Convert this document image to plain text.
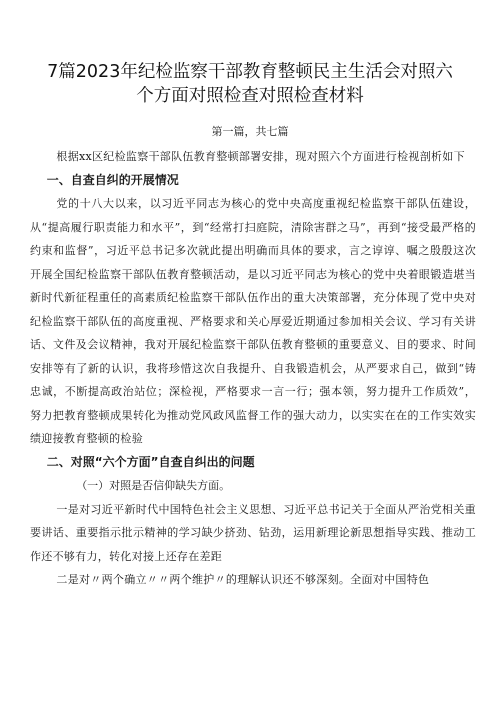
7篇2023年纪检监察干部教育整顿民主生活会对照六个方面对照检查对照检查材料

第一篇，共七篇

根据xx区纪检监察干部队伍教育整顿部署安排，现对照六个方面进行检视剖析如下

一、自查自纠的开展情况

党的十八大以来，以习近平同志为核心的党中央高度重视纪检监察干部队伍建设，从“提高履行职责能力和水平”，到“经常打扫庭院，清除害群之马”，再到“接受最严格的约束和监督”，习近平总书记多次就此提出明确而具体的要求，言之谆谆、嘱之殷殷这次开展全国纪检监察干部队伍教育整顿活动，是以习近平同志为核心的党中央着眼锻造堪当新时代新征程重任的高素质纪检监察干部队伍作出的重大决策部署，充分体现了党中央对纪检监察干部队伍的高度重视、严格要求和关心厚爱近期通过参加相关会议、学习有关讲话、文件及会议精神，我对开展纪检监察干部队伍教育整顿的重要意义、目的要求、时间安排等有了新的认识，我将珍惜这次自我提升、自我锻造机会，从严要求自己，做到“铸忠诚，不断提高政治站位；深检视，严格要求一言一行；强本领，努力提升工作质效”，努力把教育整顿成果转化为推动党风政风监督工作的强大动力，以实实在在的工作实效实绩迎接教育整顿的检验

二、对照“六个方面”自查自纠出的问题

（一）对照是否信仰缺失方面。

一是对习近平新时代中国特色社会主义思想、习近平总书记关于全面从严治党相关重要讲话、重要指示批示精神的学习缺少挤劲、钻劲，运用新理论新思想指导实践、推动工作还不够有力，转化对接上还存在差距

二是对〃两个确立〃〃两个维护〃的理解认识还不够深刻。全面对中国特色
